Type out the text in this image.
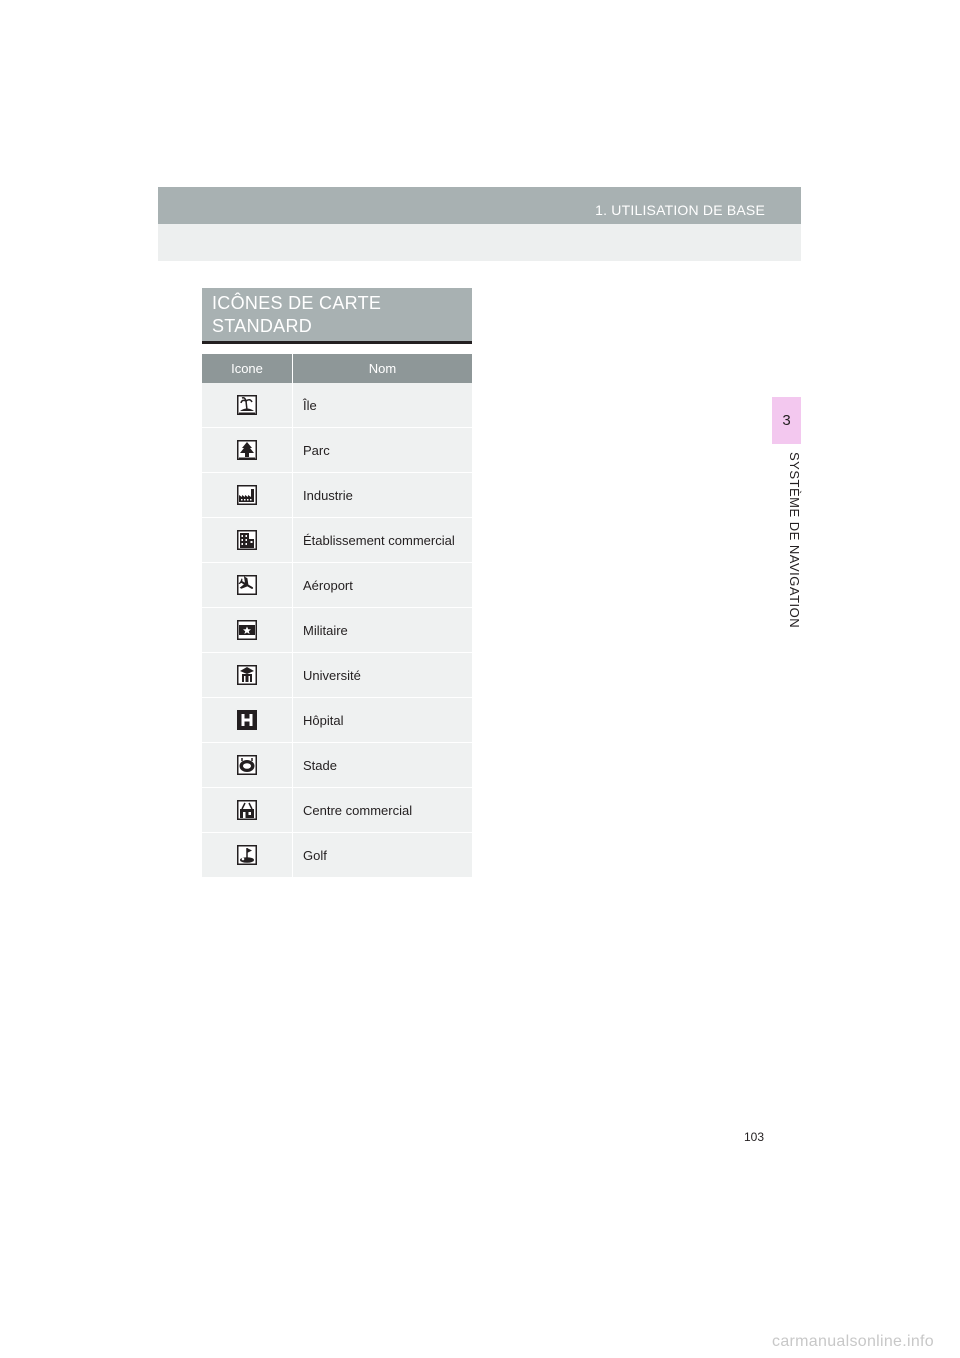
1. UTILISATION DE BASE
3
SYSTÈME DE NAVIGATION
ICÔNES DE CARTE STANDARD
Icone	Nom
	Île
	Parc
	Industrie
	Établissement commercial
	Aéroport
	Militaire
	Université
	Hôpital
	Stade
	Centre commercial
	Golf
103
carmanualsonline.info
